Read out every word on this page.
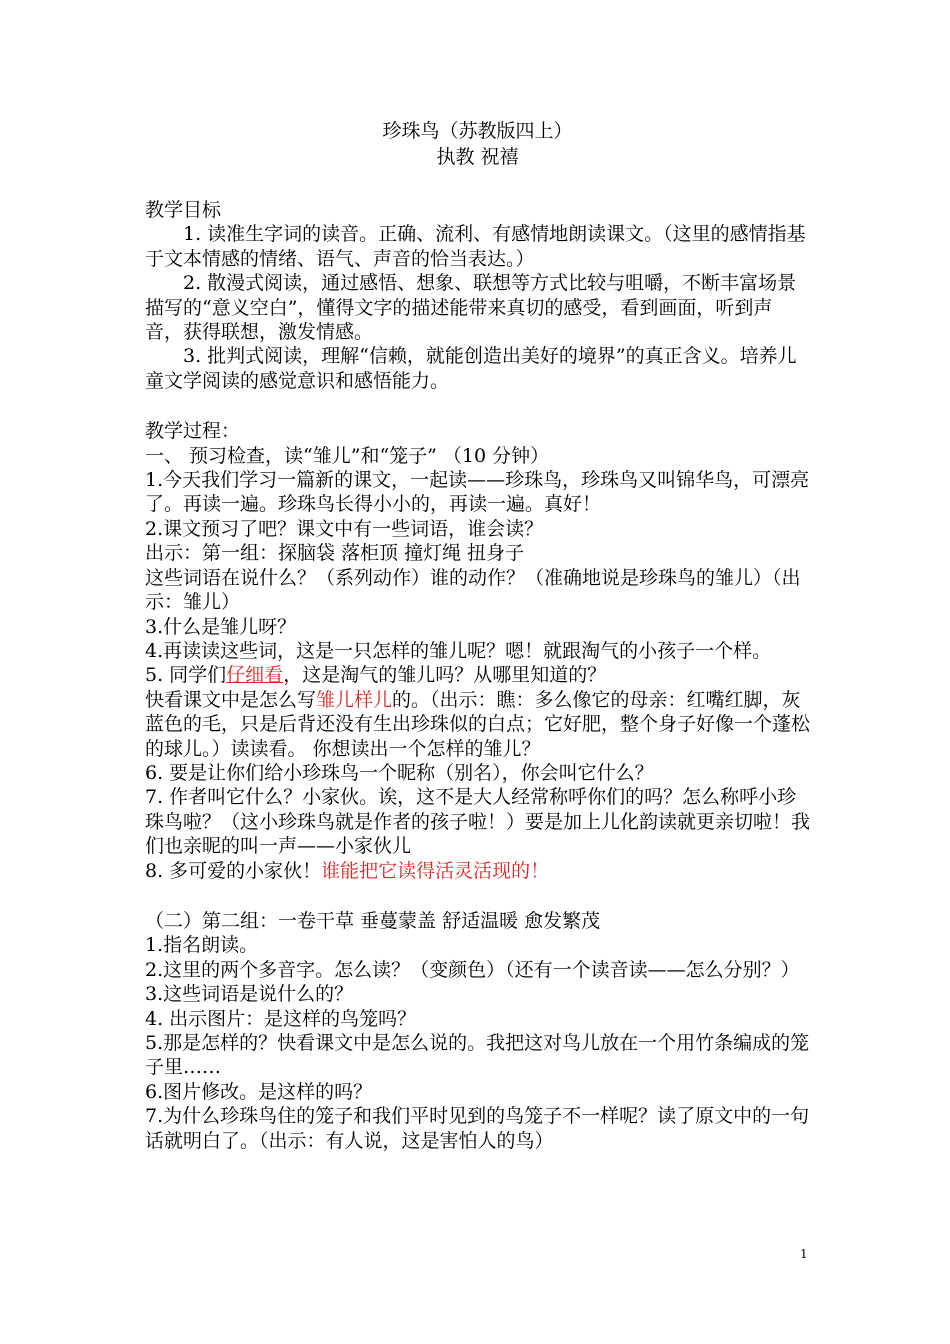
珍珠鸟（苏教版四上）
执教 祝禧
教学目标
1. 读准生字词的读音。正确、流利、有感情地朗读课文。（这里的感情指基于文本情感的情绪、语气、声音的恰当表达。）
2. 散漫式阅读，通过感悟、想象、联想等方式比较与咀嚼，不断丰富场景描写的“意义空白”，懂得文字的描述能带来真切的感受，看到画面，听到声音，获得联想，激发情感。
3. 批判式阅读，理解“信赖，就能创造出美好的境界”的真正含义。培养儿童文学阅读的感觉意识和感悟能力。
教学过程：
一、 预习检查，读“雏儿”和“笼子” （10 分钟）
1.今天我们学习一篇新的课文，一起读——珍珠鸟，珍珠鸟又叫锦华鸟，可漂亮了。再读一遍。珍珠鸟长得小小的，再读一遍。真好！
2.课文预习了吧？课文中有一些词语，谁会读？
出示：第一组：探脑袋 落柜顶 撞灯绳 扭身子
这些词语在说什么？（系列动作）谁的动作？（准确地说是珍珠鸟的雏儿）（出示：雏儿）
3.什么是雏儿呀？
4.再读读这些词，这是一只怎样的雏儿呢？嗯！就跟淘气的小孩子一个样。
5. 同学们仔细看，这是淘气的雏儿吗？从哪里知道的？
快看课文中是怎么写雏儿样儿的。（出示：瞧：多么像它的母亲：红嘴红脚，灰蓝色的毛，只是后背还没有生出珍珠似的白点；它好肥，整个身子好像一个蓬松的球儿。）读读看。 你想读出一个怎样的雏儿？
6. 要是让你们给小珍珠鸟一个昵称（别名），你会叫它什么？
7. 作者叫它什么？小家伙。诶，这不是大人经常称呼你们的吗？怎么称呼小珍珠鸟啦？（这小珍珠鸟就是作者的孩子啦！）要是加上儿化韵读就更亲切啦！我们也亲昵的叫一声——小家伙儿
8. 多可爱的小家伙！谁能把它读得活灵活现的！
（二）第二组：一卷干草 垂蔓蒙盖 舒适温暖 愈发繁茂
1.指名朗读。
2.这里的两个多音字。怎么读？（变颜色）（还有一个读音读——怎么分别？）
3.这些词语是说什么的？
4. 出示图片：是这样的鸟笼吗？
5.那是怎样的？快看课文中是怎么说的。我把这对鸟儿放在一个用竹条编成的笼子里……
6.图片修改。是这样的吗？
7.为什么珍珠鸟住的笼子和我们平时见到的鸟笼子不一样呢？读了原文中的一句话就明白了。（出示：有人说，这是害怕人的鸟）
1
